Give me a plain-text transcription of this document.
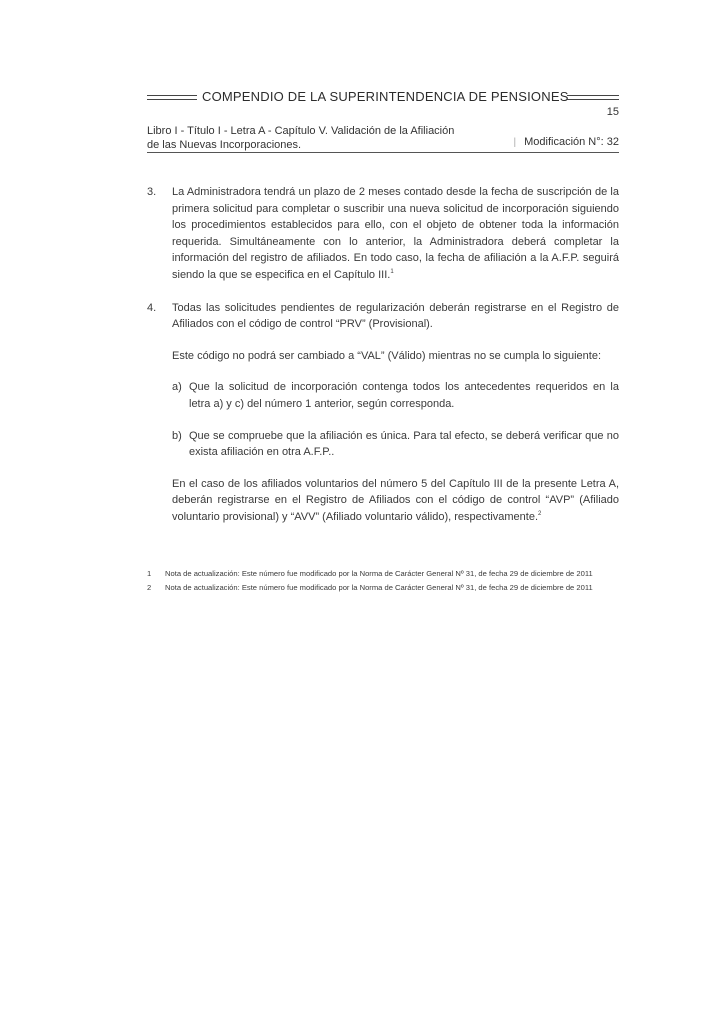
COMPENDIO DE LA SUPERINTENDENCIA DE PENSIONES
15
Libro I - Título I - Letra A - Capítulo V. Validación de la Afiliación
de las Nuevas Incorporaciones.	| Modificación N°: 32
3. La Administradora tendrá un plazo de 2 meses contado desde la fecha de suscripción de la primera solicitud para completar o suscribir una nueva solicitud de incorporación siguiendo los procedimientos establecidos para ello, con el objeto de obtener toda la información requerida. Simultáneamente con lo anterior, la Administradora deberá completar la información del registro de afiliados. En todo caso, la fecha de afiliación a la A.F.P. seguirá siendo la que se especifica en el Capítulo III.$^1$
4. Todas las solicitudes pendientes de regularización deberán registrarse en el Registro de Afiliados con el código de control “PRV” (Provisional).
Este código no podrá ser cambiado a “VAL” (Válido) mientras no se cumpla lo siguiente:
a) Que la solicitud de incorporación contenga todos los antecedentes requeridos en la letra a) y c) del número 1 anterior, según corresponda.
b) Que se compruebe que la afiliación es única. Para tal efecto, se deberá verificar que no exista afiliación en otra A.F.P..
En el caso de los afiliados voluntarios del número 5 del Capítulo III de la presente Letra A, deberán registrarse en el Registro de Afiliados con el código de control “AVP” (Afiliado voluntario provisional) y “AVV” (Afiliado voluntario válido), respectivamente.$^2$
1 Nota de actualización: Este número fue modificado por la Norma de Carácter General Nº 31, de fecha 29 de diciembre de 2011
2 Nota de actualización: Este número fue modificado por la Norma de Carácter General Nº 31, de fecha 29 de diciembre de 2011
